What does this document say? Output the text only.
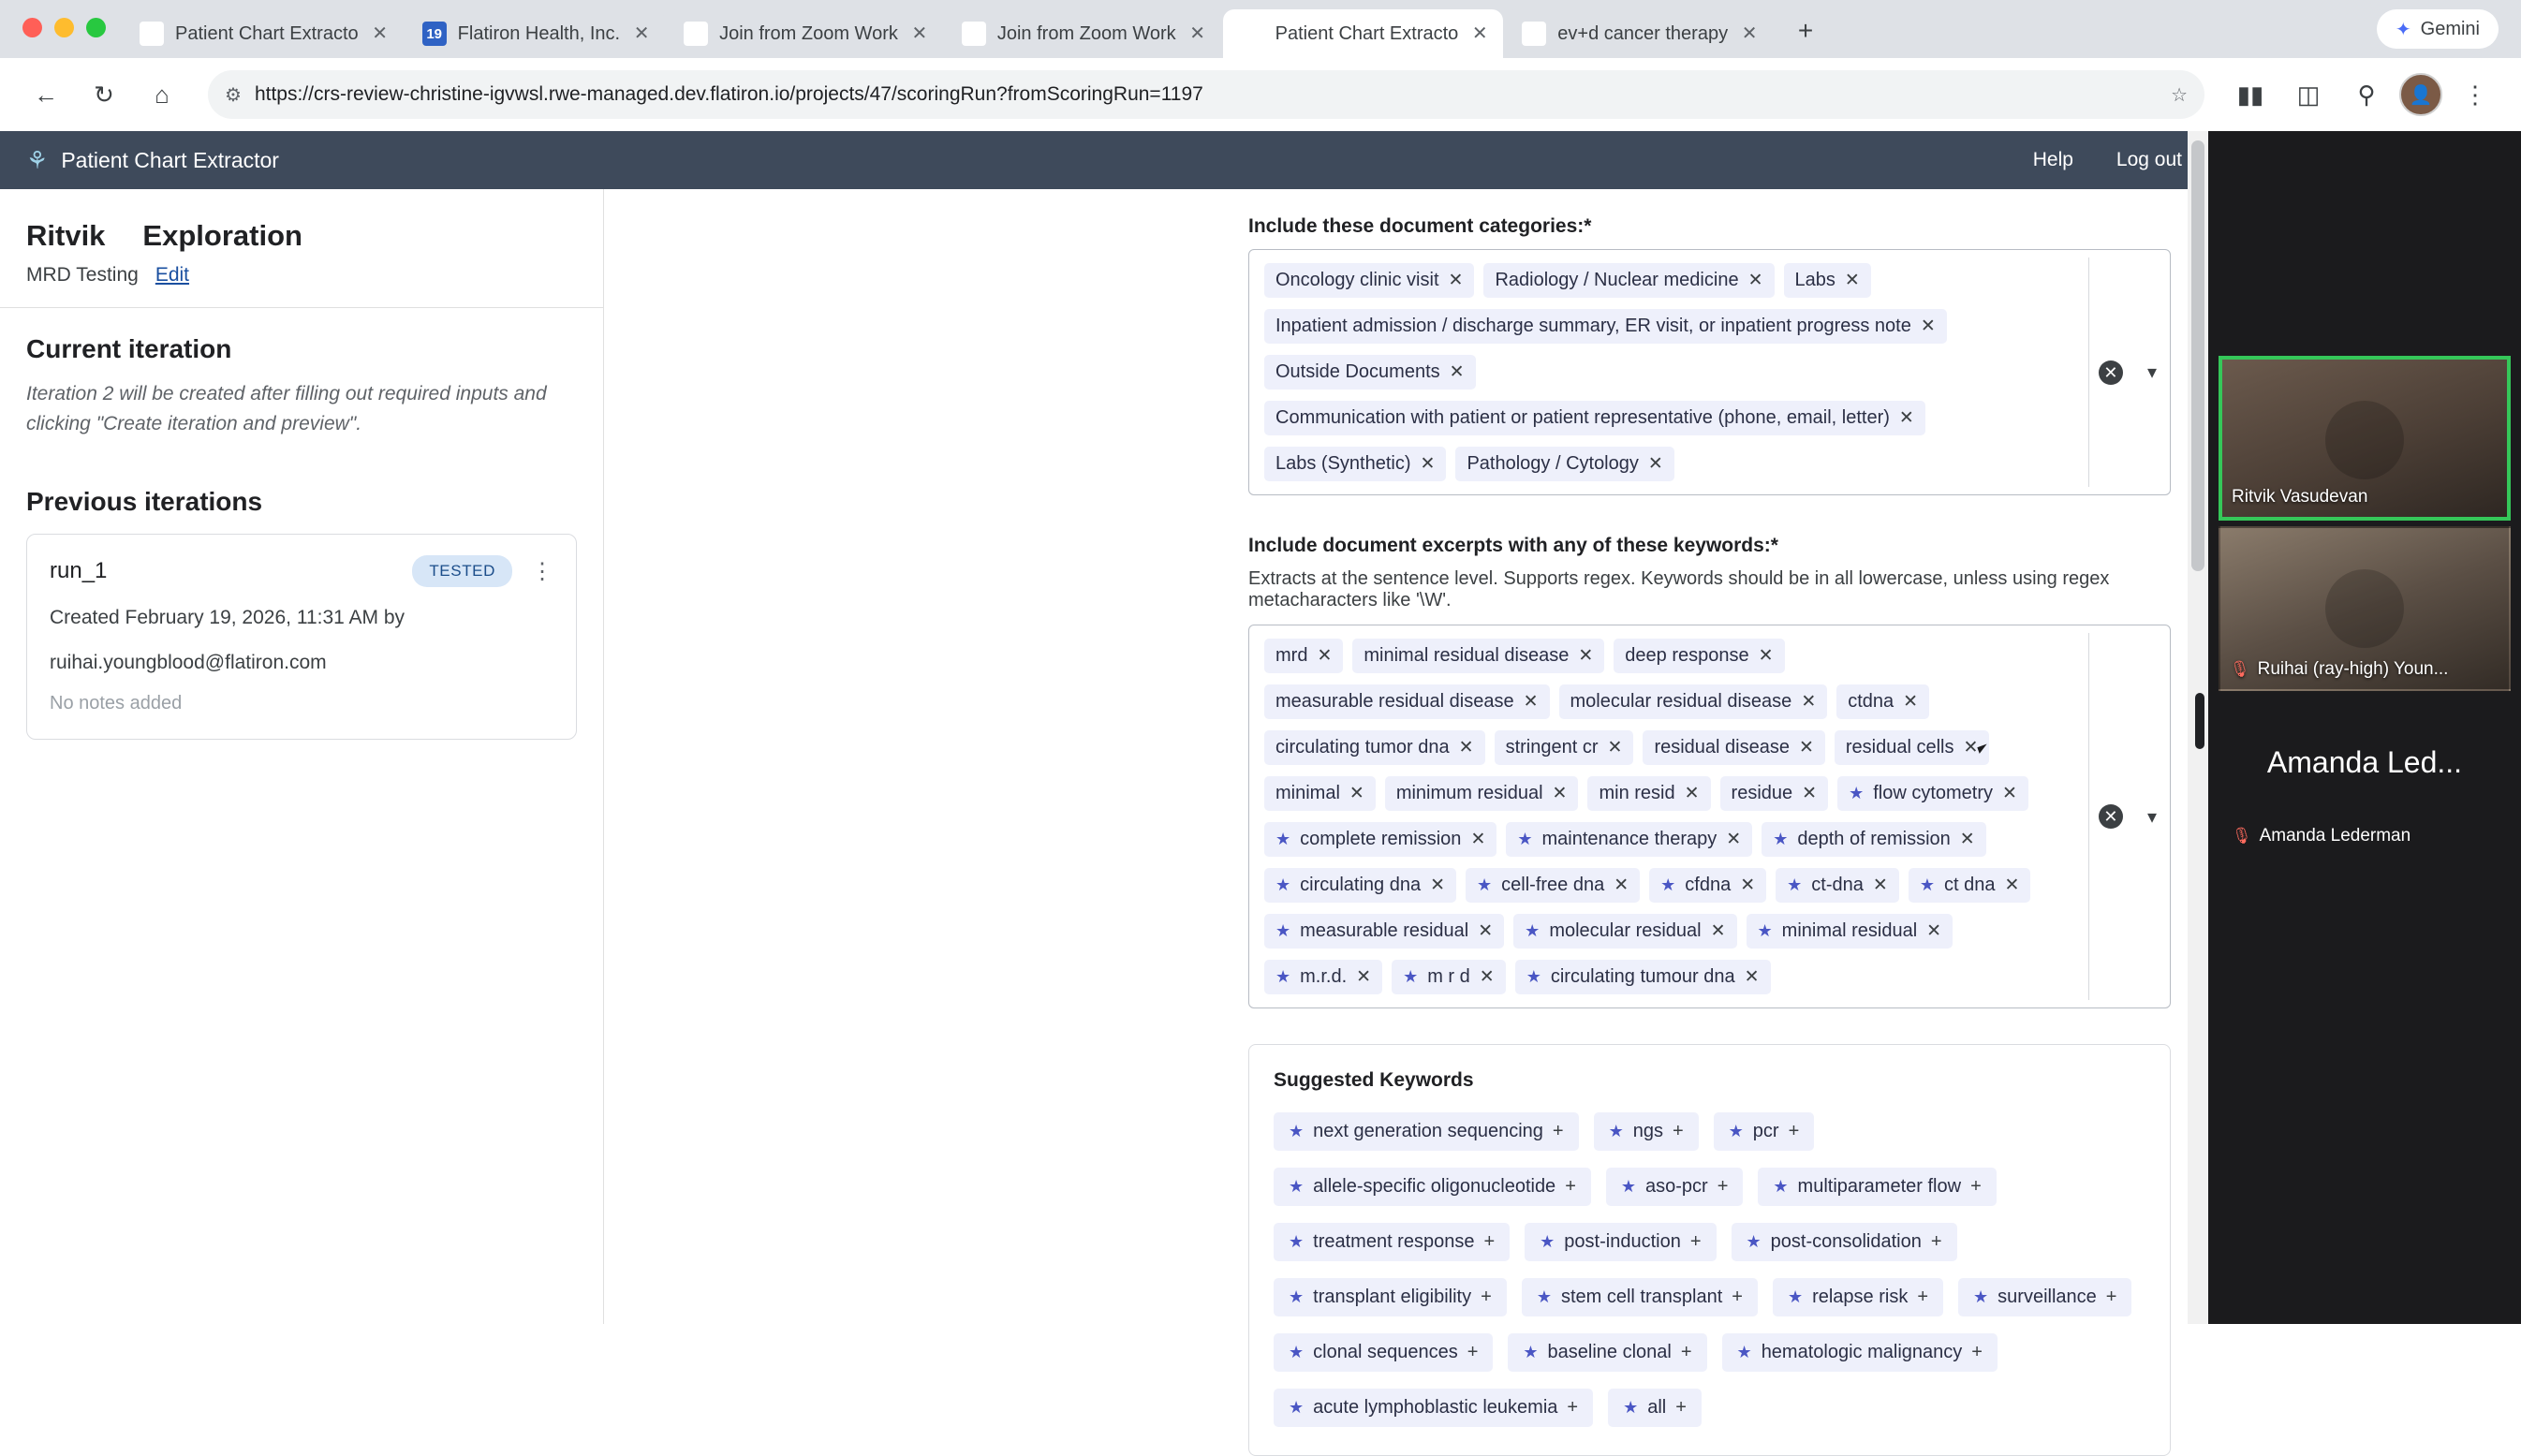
⚘ Patient Chart Extracto ✕	19 Flatiron Health, Inc. ✕	●	Join from Zoom Work ✕	●	Join from Zoom Work ✕	⚘ Patient Chart Extracto ✕	G ev+d cancer therapy ✕	+	✦ Gemini
←	↻	⌂	⚙ https://crs-review-christine-igvwsl.rwe-managed.dev.flatiron.io/projects/47/scoringRun?fromScoringRun=1197	☆	▮▮	◫	⚲	👤	⋮
⚘ Patient Chart Extractor	Help Log out
Ritvik Exploration
MRD Testing Edit
Current iteration
Iteration 2 will be created after filling out required inputs and clicking "Create iteration and preview".
Previous iterations
run_1	TESTED	⋮
Created February 19, 2026, 11:31 AM by
ruihai.youngblood@flatiron.com
No notes added
Include these document categories:*
Oncology clinic visit ✕ Radiology / Nuclear medicine ✕ Labs ✕
Inpatient admission / discharge summary, ER visit, or inpatient progress note ✕
Outside Documents ✕
Communication with patient or patient representative (phone, email, letter) ✕
Labs (Synthetic) ✕ Pathology / Cytology ✕
✕ ▾
Include document excerpts with any of these keywords:*
Extracts at the sentence level. Supports regex. Keywords should be in all lowercase, unless using regex metacharacters like '\W'.
mrd ✕ minimal residual disease ✕ deep response ✕
measurable residual disease ✕ molecular residual disease ✕ ctdna ✕
circulating tumor dna ✕ stringent cr ✕ residual disease ✕ residual cells ✕
minimal ✕ minimum residual ✕ min resid ✕ residue ✕ ★ flow cytometry ✕
★ complete remission ✕ ★ maintenance therapy ✕ ★ depth of remission ✕
★ circulating dna ✕ ★ cell-free dna ✕ ★ cfdna ✕ ★ ct-dna ✕ ★ ct dna ✕
★ measurable residual ✕ ★ molecular residual ✕ ★ minimal residual ✕
★ m.r.d. ✕ ★ m r d ✕ ★ circulating tumour dna ✕
✕ ▾
Suggested Keywords
★ next generation sequencing +	★ ngs +	★ pcr +
★ allele-specific oligonucleotide +	★ aso-pcr +	★ multiparameter flow +
★ treatment response +	★ post-induction +	★ post-consolidation +
★ transplant eligibility +	★ stem cell transplant +	★ relapse risk +	★ surveillance +
★ clonal sequences +	★ baseline clonal +	★ hematologic malignancy +
★ acute lymphoblastic leukemia +	★ all +
Ritvik Vasudevan
🎙 Ruihai (ray-high) Youn...
Amanda Led...
🎙 Amanda Lederman
